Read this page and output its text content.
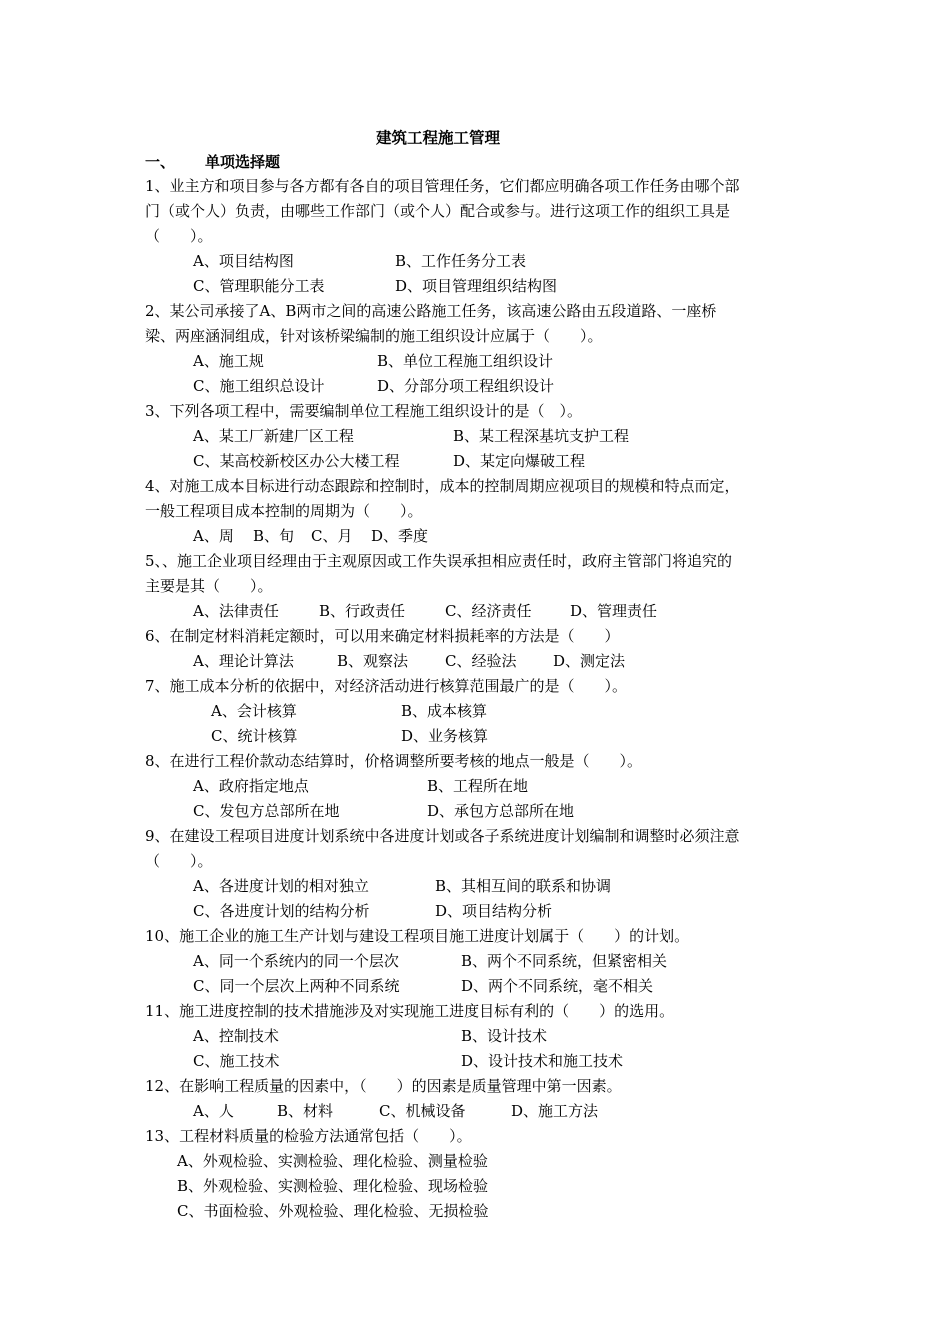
建筑工程施工管理
一、 单项选择题

1、业主方和项目参与各方都有各自的项目管理任务，它们都应明确各项工作任务由哪个部门（或个人）负责，由哪些工作部门（或个人）配合或参与。进行这项工作的组织工具是（　　）。

A、项目结构图	B、工作任务分工表
C、管理职能分工表	D、项目管理组织结构图

2、某公司承接了A、B两市之间的高速公路施工任务，该高速公路由五段道路、一座桥梁、两座涵洞组成，针对该桥梁编制的施工组织设计应属于（　　）。

A、施工规	B、单位工程施工组织设计
C、施工组织总设计	D、分部分项工程组织设计

3、下列各项工程中，需要编制单位工程施工组织设计的是（　）。

A、某工厂新建厂区工程	B、某工程深基坑支护工程
C、某高校新校区办公大楼工程	D、某定向爆破工程

4、对施工成本目标进行动态跟踪和控制时，成本的控制周期应视项目的规模和特点而定，一般工程项目成本控制的周期为（　　）。

A、周 B、旬 C、月 D、季度

5、、施工企业项目经理由于主观原因或工作失误承担相应责任时，政府主管部门将追究的主要是其（　　）。

A、法律责任	B、行政责任	C、经济责任	D、管理责任

6、在制定材料消耗定额时，可以用来确定材料损耗率的方法是（　　）

A、理论计算法	B、观察法 C、经验法 D、测定法

7、施工成本分析的依据中，对经济活动进行核算范围最广的是（　　）。

A、会计核算	B、成本核算
C、统计核算	D、业务核算

8、在进行工程价款动态结算时，价格调整所要考核的地点一般是（　　）。

A、政府指定地点	B、工程所在地
C、发包方总部所在地	D、承包方总部所在地

9、在建设工程项目进度计划系统中各进度计划或各子系统进度计划编制和调整时必须注意（　　）。

A、各进度计划的相对独立	B、其相互间的联系和协调
C、各进度计划的结构分析	D、项目结构分析

10、施工企业的施工生产计划与建设工程项目施工进度计划属于（　　）的计划。

A、同一个系统内的同一个层次	B、两个不同系统，但紧密相关
C、同一个层次上两种不同系统	D、两个不同系统，毫不相关

11、施工进度控制的技术措施涉及对实现施工进度目标有利的（　　）的选用。

A、控制技术	B、设计技术
C、施工技术	D、设计技术和施工技术

12、在影响工程质量的因素中，（　　）的因素是质量管理中第一因素。

A、人	B、材料	C、机械设备	D、施工方法

13、工程材料质量的检验方法通常包括（　　）。

A、外观检验、实测检验、理化检验、测量检验
B、外观检验、实测检验、理化检验、现场检验
C、书面检验、外观检验、理化检验、无损检验
